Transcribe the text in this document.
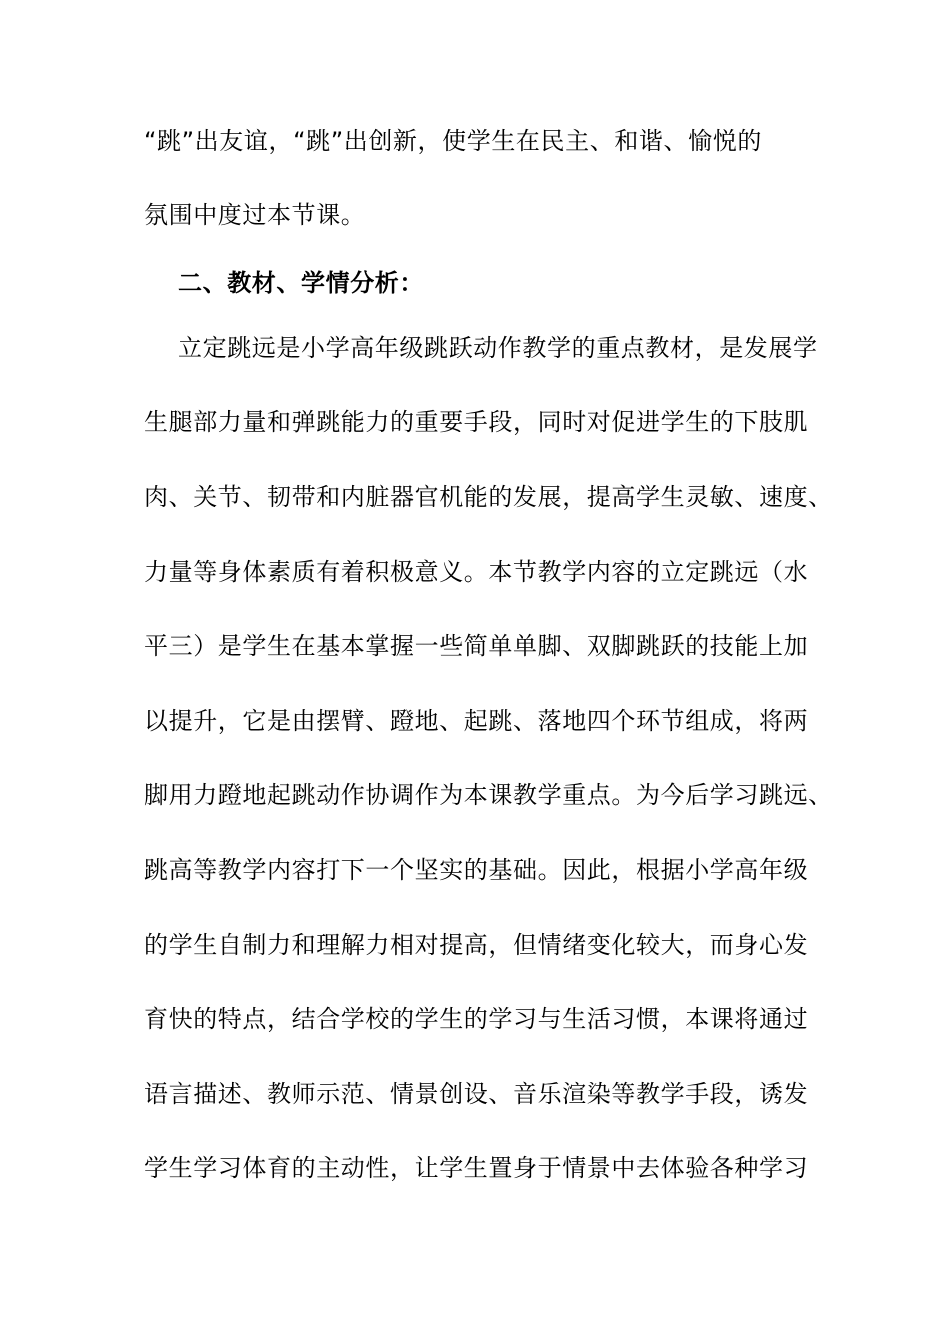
“跳”出友谊，“跳”出创新，使学生在民主、和谐、愉悦的
氛围中度过本节课。
二、教材、学情分析：
立定跳远是小学高年级跳跃动作教学的重点教材，是发展学
生腿部力量和弹跳能力的重要手段，同时对促进学生的下肢肌
肉、关节、韧带和内脏器官机能的发展，提高学生灵敏、速度、
力量等身体素质有着积极意义。本节教学内容的立定跳远（水
平三）是学生在基本掌握一些简单单脚、双脚跳跃的技能上加
以提升，它是由摆臂、蹬地、起跳、落地四个环节组成，将两
脚用力蹬地起跳动作协调作为本课教学重点。为今后学习跳远、
跳高等教学内容打下一个坚实的基础。因此，根据小学高年级
的学生自制力和理解力相对提高，但情绪变化较大，而身心发
育快的特点，结合学校的学生的学习与生活习惯，本课将通过
语言描述、教师示范、情景创设、音乐渲染等教学手段，诱发
学生学习体育的主动性，让学生置身于情景中去体验各种学习
